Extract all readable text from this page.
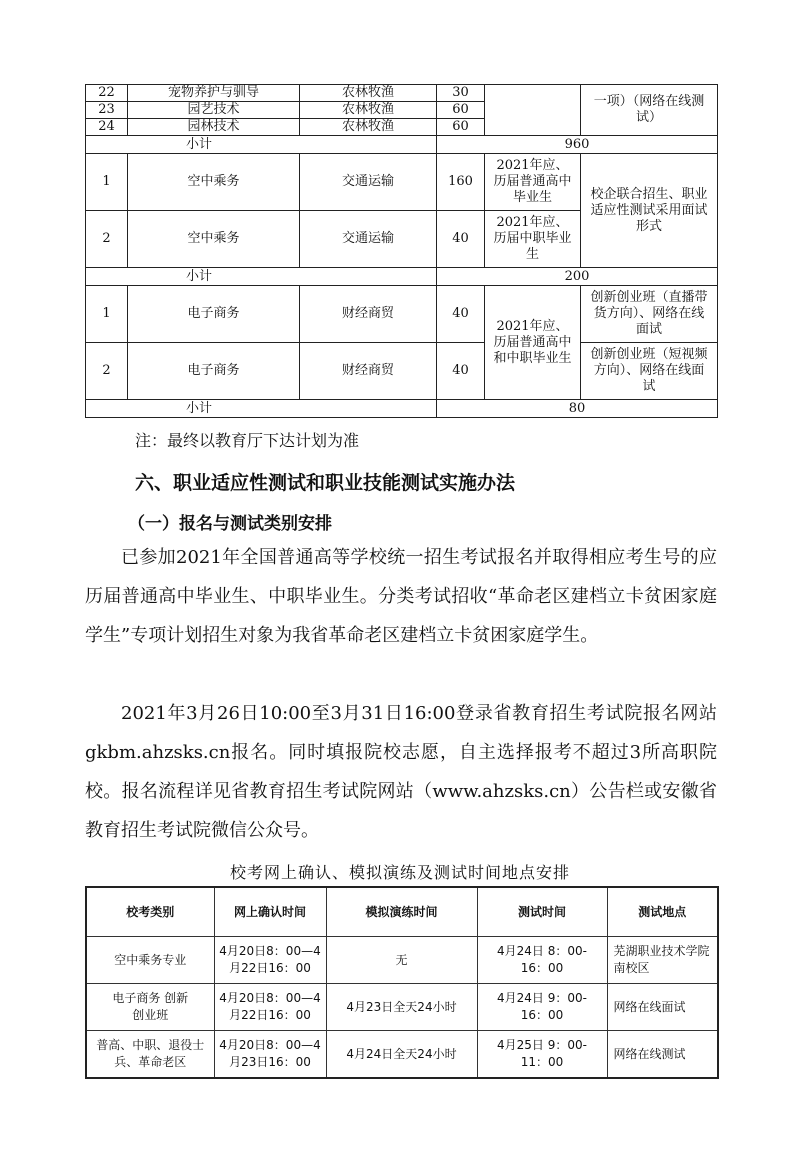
22	宠物养护与驯导	农林牧渔	30		一项）（网络在线测试）
23	园艺技术	农林牧渔	60		
24	园林技术	农林牧渔	60		
小计			960		
1	空中乘务	交通运输	160	2021年应、历届普通高中毕业生	校企联合招生、职业适应性测试采用面试形式
2	空中乘务	交通运输	40	2021年应、历届中职毕业生	
小计			200		
1	电子商务	财经商贸	40	2021年应、历届普通高中和中职毕业生	创新创业班（直播带货方向）、网络在线面试
2	电子商务	财经商贸	40		创新创业班（短视频方向）、网络在线面试
小计			80		
注：最终以教育厅下达计划为准
六、职业适应性测试和职业技能测试实施办法
（一）报名与测试类别安排

已参加2021年全国普通高等学校统一招生考试报名并取得相应考生号的应历届普通高中毕业生、中职毕业生。分类考试招收“革命老区建档立卡贫困家庭学生”专项计划招生对象为我省革命老区建档立卡贫困家庭学生。

2021年3月26日10:00至3月31日16:00登录省教育招生考试院报名网站gkbm.ahzsks.cn报名。同时填报院校志愿，自主选择报考不超过3所高职院校。报名流程详见省教育招生考试院网站（www.ahzsks.cn）公告栏或安徽省教育招生考试院微信公众号。

校考网上确认、模拟演练及测试时间地点安排
校考类别	网上确认时间	模拟演练时间	测试时间	测试地点
空中乘务专业	4月20日8：00—4月22日16：00	无	4月24日 8：00-16：00	芜湖职业技术学院南校区
电子商务 创新创业班	4月20日8：00—4月22日16：00	4月23日全天24小时	4月24日 9：00-16：00	网络在线面试
普高、中职、退役士兵、革命老区	4月20日8：00—4月23日16：00	4月24日全天24小时	4月25日 9：00-11：00	网络在线测试
